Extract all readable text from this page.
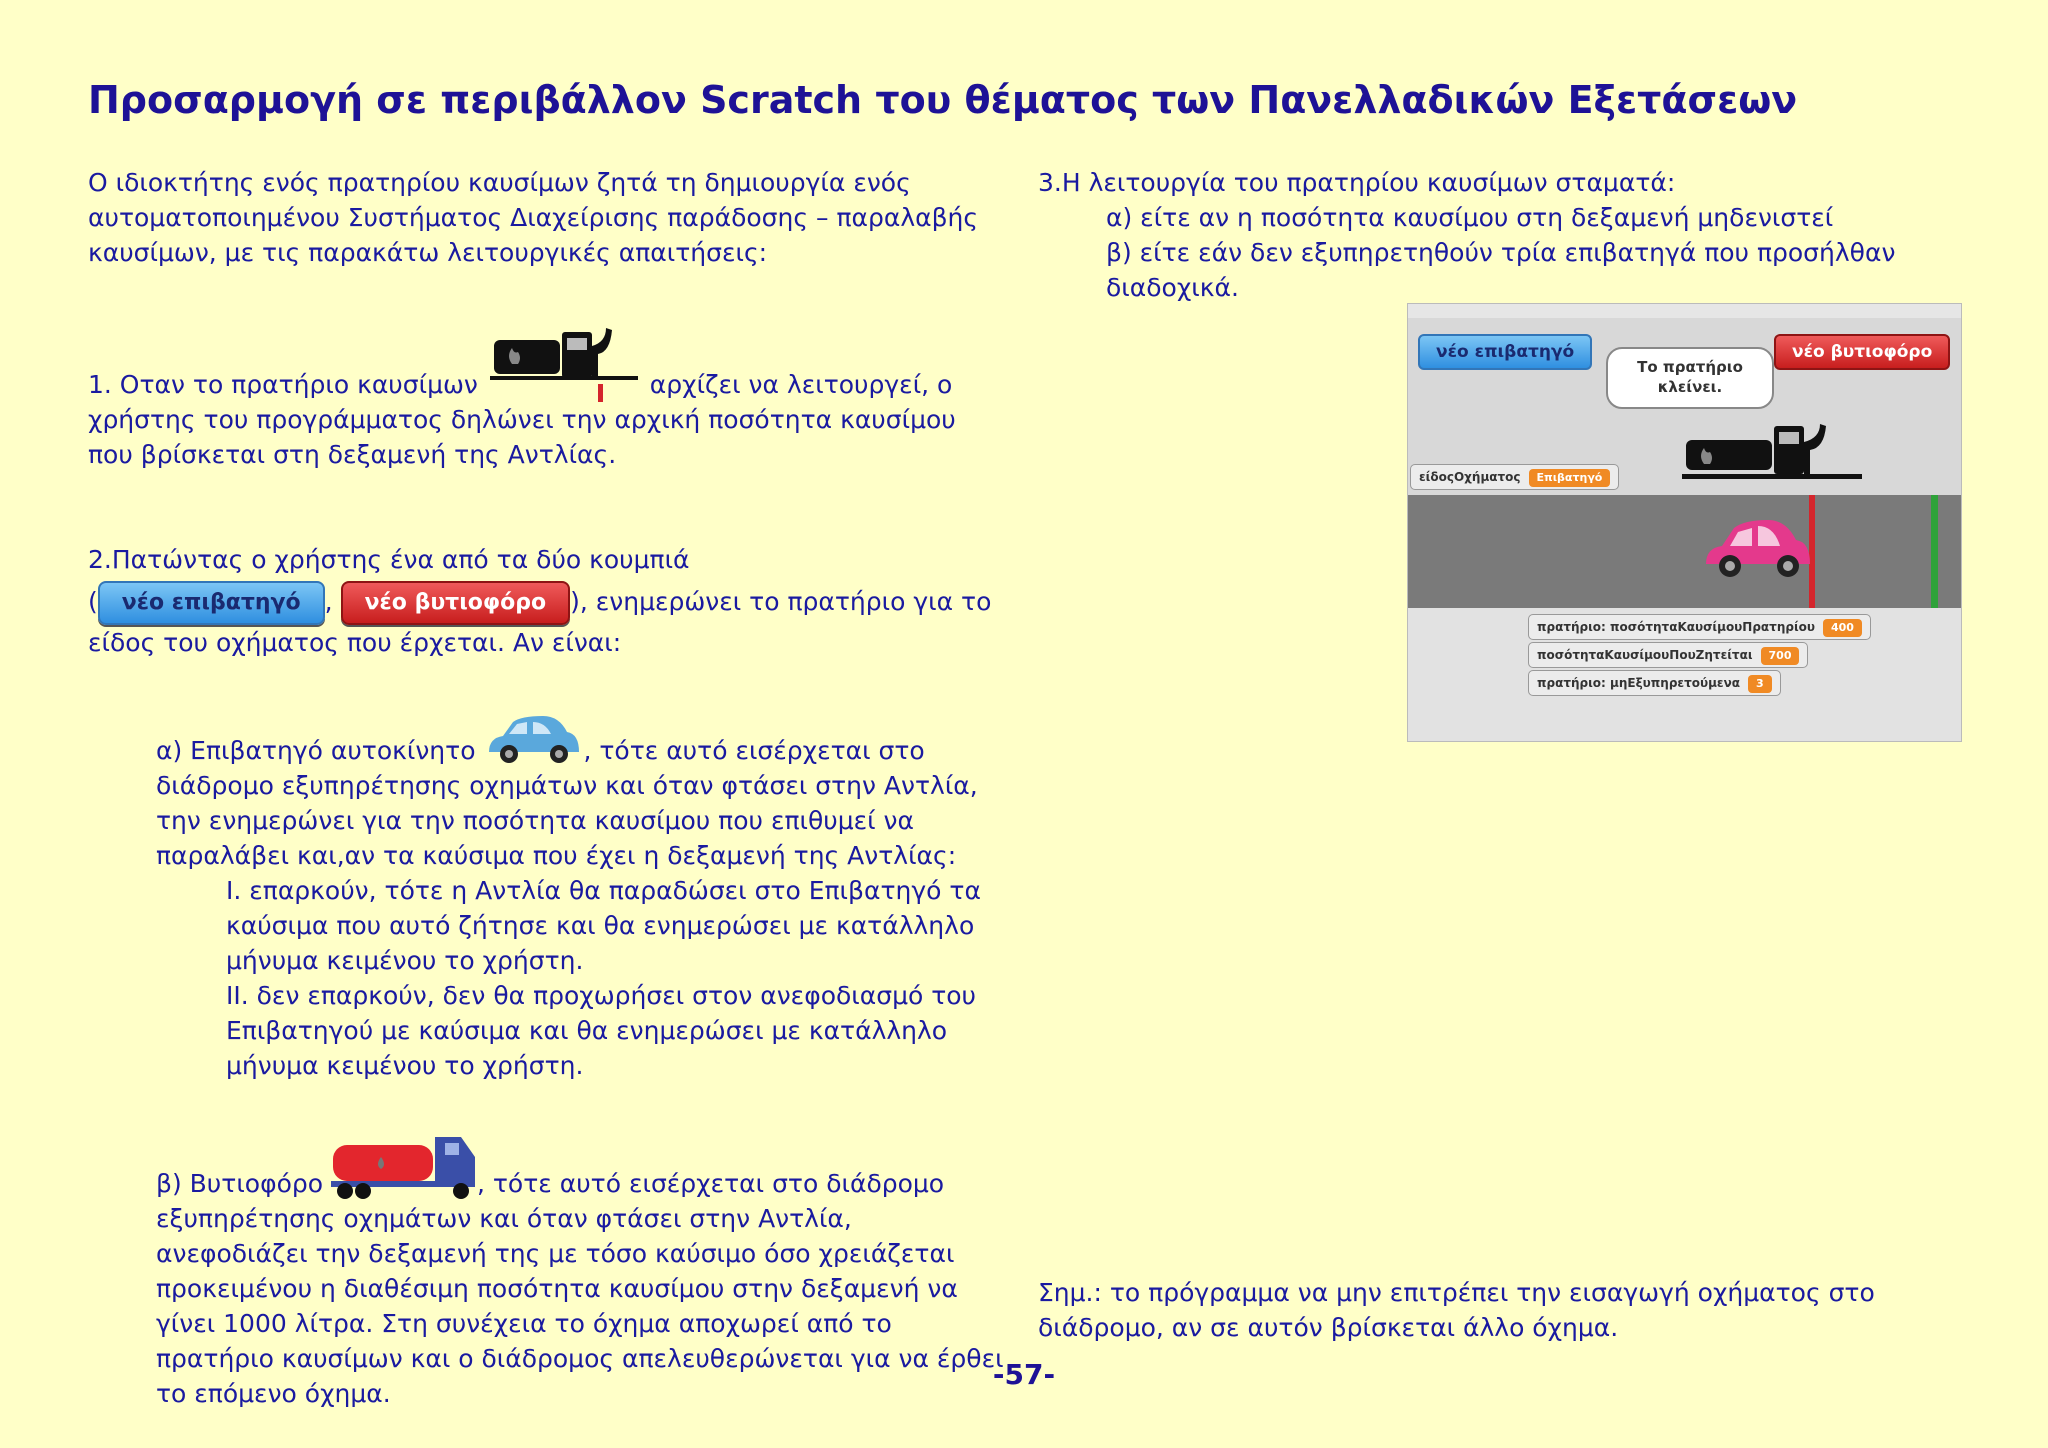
Προσαρμογή σε περιβάλλον Scratch του θέματος των Πανελλαδικών Εξετάσεων

Ο ιδιοκτήτης ενός πρατηρίου καυσίμων ζητά τη δημιουργία ενός αυτοματοποιημένου Συστήματος Διαχείρισης παράδοσης – παραλαβής καυσίμων, με τις παρακάτω λειτουργικές απαιτήσεις:

1. Οταν το πρατήριο καυσίμων	αρχίζει να λειτουργεί, ο χρήστης του προγράμματος δηλώνει την αρχική ποσότητα καυσίμου που βρίσκεται στη δεξαμενή της Αντλίας.

2.Πατώντας ο χρήστης ένα από τα δύο κουμπιά

( νέο επιβατηγό , νέο βυτιοφόρο ), ενημερώνει το πρατήριο για το είδος του οχήματος που έρχεται. Αν είναι:

α) Επιβατηγό αυτοκίνητο	, τότε αυτό εισέρχεται στο διάδρομο εξυπηρέτησης οχημάτων και όταν φτάσει στην Αντλία, την ενημερώνει για την ποσότητα καυσίμου που επιθυμεί να παραλάβει και,αν τα καύσιμα που έχει η δεξαμενή της Αντλίας:

I. επαρκούν, τότε η Αντλία θα παραδώσει στο Επιβατηγό τα καύσιμα που αυτό ζήτησε και θα ενημερώσει με κατάλληλο μήνυμα κειμένου το χρήστη.

II. δεν επαρκούν, δεν θα προχωρήσει στον ανεφοδιασμό του Επιβατηγού με καύσιμα και θα ενημερώσει με κατάλληλο μήνυμα κειμένου το χρήστη.

β) Βυτιοφόρο	, τότε αυτό εισέρχεται στο διάδρομο εξυπηρέτησης οχημάτων και όταν φτάσει στην Αντλία, ανεφοδιάζει την δεξαμενή της με τόσο καύσιμο όσο χρειάζεται προκειμένου η διαθέσιμη ποσότητα καυσίμου στην δεξαμενή να γίνει 1000 λίτρα. Στη συνέχεια το όχημα αποχωρεί από το πρατήριο καυσίμων και ο διάδρομος απελευθερώνεται για να έρθει το επόμενο όχημα.

3.Η λειτουργία του πρατηρίου καυσίμων σταματά:

α) είτε αν η ποσότητα καυσίμου στη δεξαμενή μηδενιστεί

β) είτε εάν δεν εξυπηρετηθούν τρία επιβατηγά που προσήλθαν διαδοχικά.

νέο επιβατηγό	νέο βυτιοφόρο
Το πρατήριο κλείνει.
είδοςΟχήματος Επιβατηγό
πρατήριο: ποσότηταΚαυσίμουΠρατηρίου 400
ποσότηταΚαυσίμουΠουΖητείται 700
πρατήριο: μηΕξυπηρετούμενα 3

Σημ.: το πρόγραμμα να μην επιτρέπει την εισαγωγή οχήματος στο διάδρομο, αν σε αυτόν βρίσκεται άλλο όχημα.

-57-
